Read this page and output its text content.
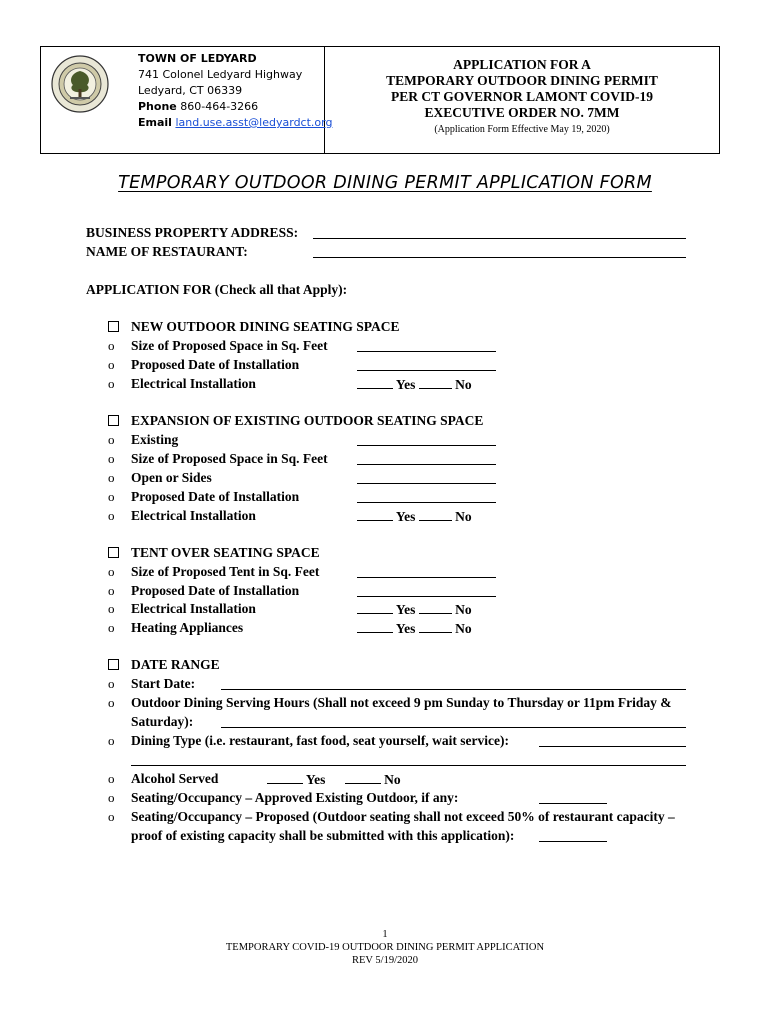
TOWN OF LEDYARD
741 Colonel Ledyard Highway
Ledyard, CT 06339
Phone 860-464-3266
Email land.use.asst@ledyardct.org
APPLICATION FOR A
TEMPORARY OUTDOOR DINING PERMIT
PER CT GOVERNOR LAMONT COVID-19
EXECUTIVE ORDER NO. 7MM
(Application Form Effective May 19, 2020)
TEMPORARY OUTDOOR DINING PERMIT APPLICATION FORM
BUSINESS PROPERTY ADDRESS:
NAME OF RESTAURANT:
APPLICATION FOR (Check all that Apply):
NEW OUTDOOR DINING SEATING SPACE
o Size of Proposed Space in Sq. Feet
o Proposed Date of Installation
o Electrical Installation	Yes	No
EXPANSION OF EXISTING OUTDOOR SEATING SPACE
o Existing
o Size of Proposed Space in Sq. Feet
o Open or Sides
o Proposed Date of Installation
o Electrical Installation	Yes	No
TENT OVER SEATING SPACE
o Size of Proposed Tent in Sq. Feet
o Proposed Date of Installation
o Electrical Installation	Yes	No
o Heating Appliances	Yes	No
DATE RANGE
o Start Date:
o Outdoor Dining Serving Hours (Shall not exceed 9 pm Sunday to Thursday or 11pm Friday &
Saturday):
o Dining Type (i.e. restaurant, fast food, seat yourself, wait service):
o Alcohol Served	Yes	No
o Seating/Occupancy – Approved Existing Outdoor, if any:
o Seating/Occupancy – Proposed (Outdoor seating shall not exceed 50% of restaurant capacity –
proof of existing capacity shall be submitted with this application):
1
TEMPORARY COVID-19 OUTDOOR DINING PERMIT APPLICATION
REV 5/19/2020
